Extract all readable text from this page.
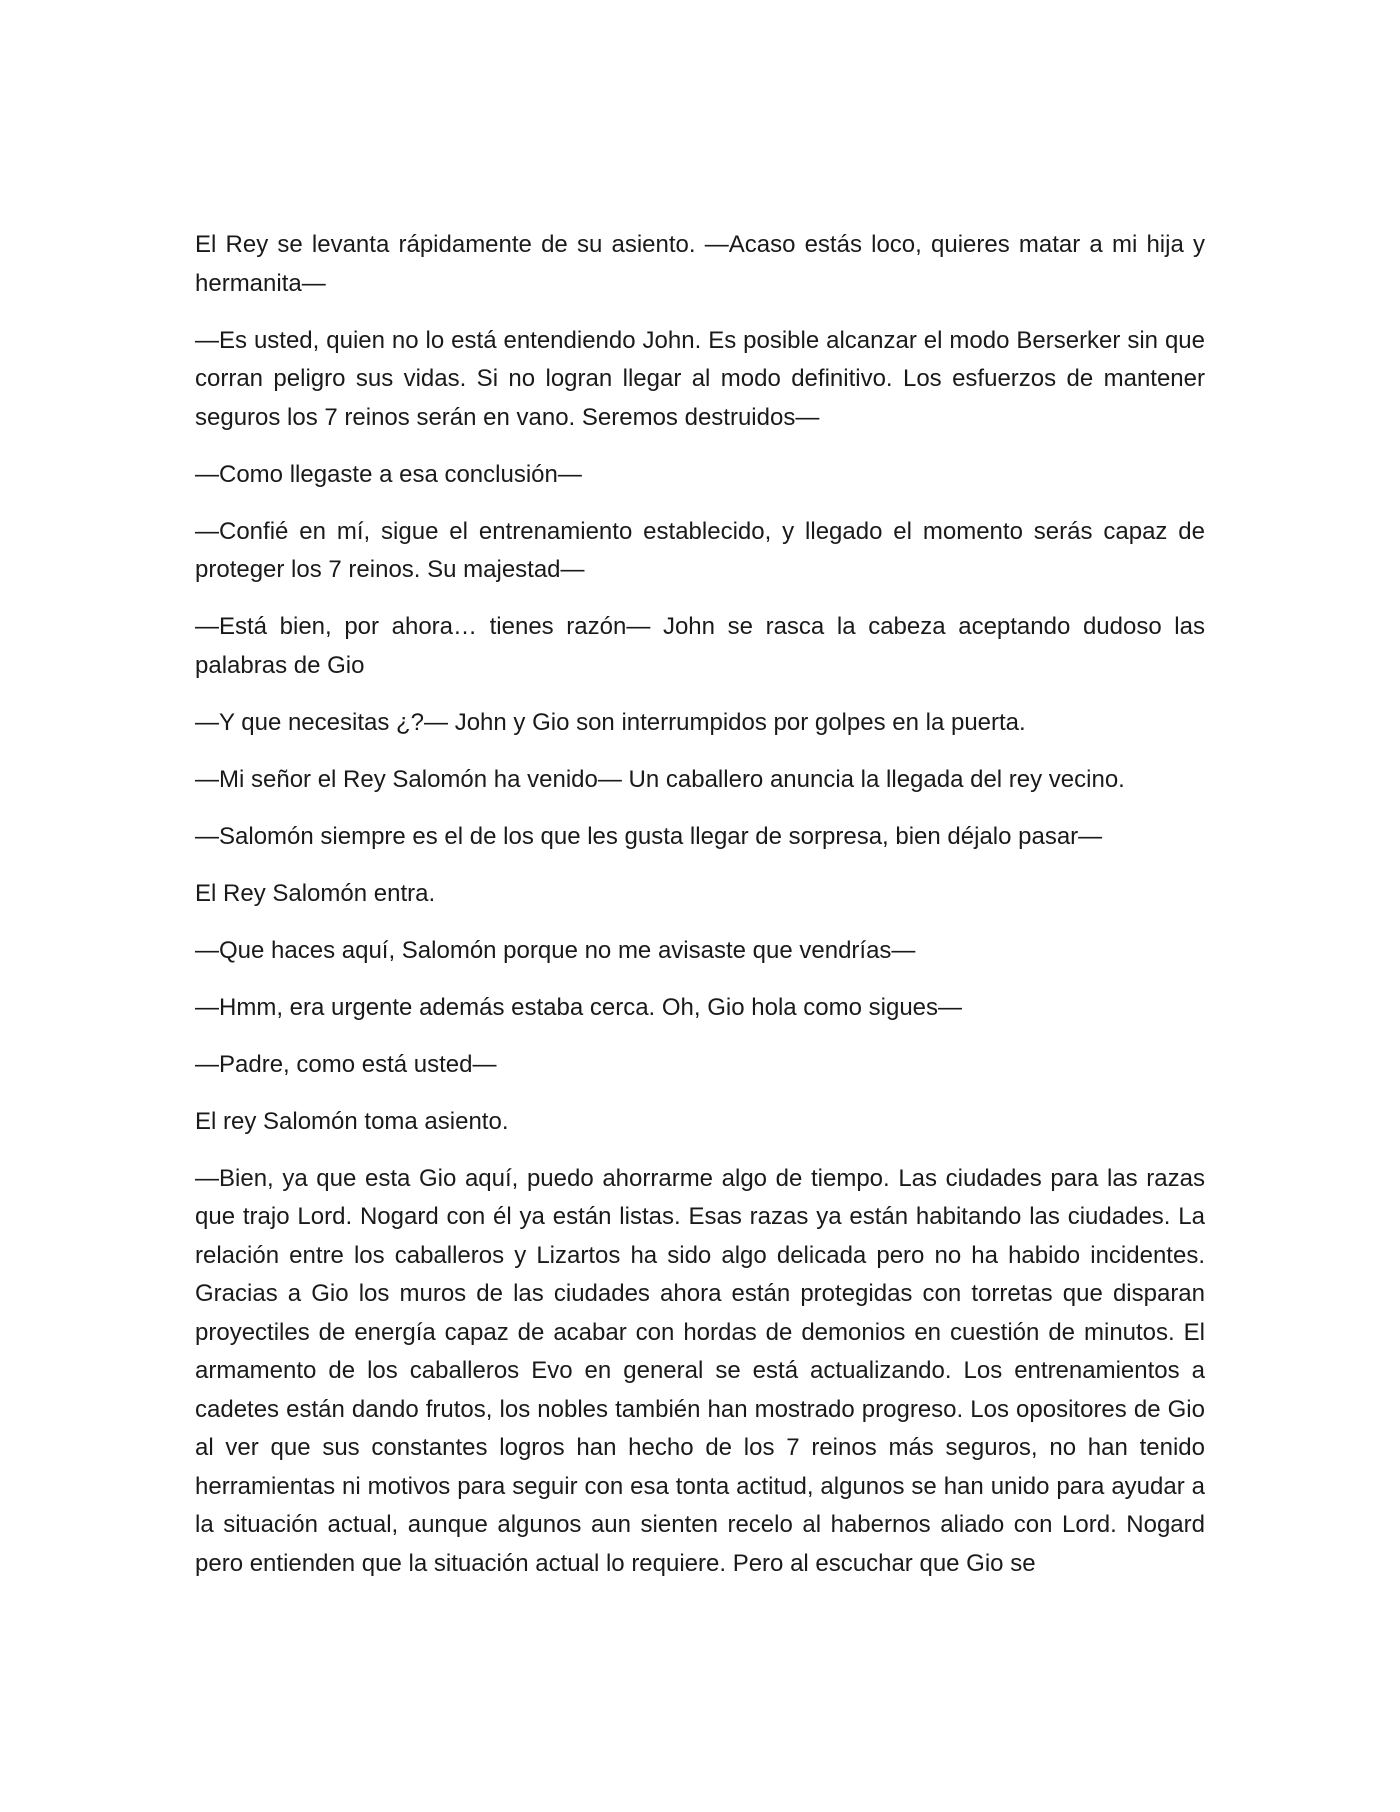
El Rey se levanta rápidamente de su asiento. —Acaso estás loco, quieres matar a mi hija y hermanita—

—Es usted, quien no lo está entendiendo John. Es posible alcanzar el modo Berserker sin que corran peligro sus vidas. Si no logran llegar al modo definitivo. Los esfuerzos de mantener seguros los 7 reinos serán en vano. Seremos destruidos—

—Como llegaste a esa conclusión—

—Confié en mí, sigue el entrenamiento establecido, y llegado el momento serás capaz de proteger los 7 reinos. Su majestad—

—Está bien, por ahora… tienes razón— John se rasca la cabeza aceptando dudoso las palabras de Gio

—Y que necesitas ¿?— John y Gio son interrumpidos por golpes en la puerta.

—Mi señor el Rey Salomón ha venido— Un caballero anuncia la llegada del rey vecino.

—Salomón siempre es el de los que les gusta llegar de sorpresa, bien déjalo pasar—

El Rey Salomón entra.

—Que haces aquí, Salomón porque no me avisaste que vendrías—

—Hmm, era urgente además estaba cerca. Oh, Gio hola como sigues—

—Padre, como está usted—

El rey Salomón toma asiento.

—Bien, ya que esta Gio aquí, puedo ahorrarme algo de tiempo. Las ciudades para las razas que trajo Lord. Nogard con él ya están listas. Esas razas ya están habitando las ciudades. La relación entre los caballeros y Lizartos ha sido algo delicada pero no ha habido incidentes. Gracias a Gio los muros de las ciudades ahora están protegidas con torretas que disparan proyectiles de energía capaz de acabar con hordas de demonios en cuestión de minutos. El armamento de los caballeros Evo en general se está actualizando. Los entrenamientos a cadetes están dando frutos, los nobles también han mostrado progreso. Los opositores de Gio al ver que sus constantes logros han hecho de los 7 reinos más seguros, no han tenido herramientas ni motivos para seguir con esa tonta actitud, algunos se han unido para ayudar a la situación actual, aunque algunos aun sienten recelo al habernos aliado con Lord. Nogard pero entienden que la situación actual lo requiere. Pero al escuchar que Gio se
